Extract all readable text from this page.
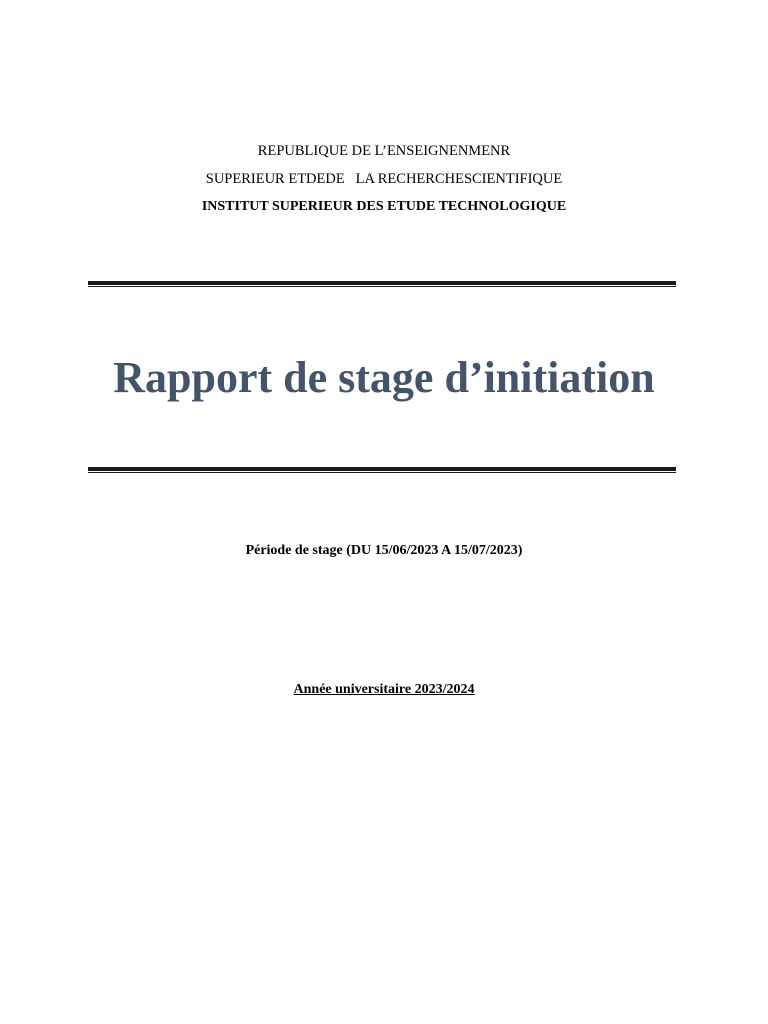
REPUBLIQUE DE L’ENSEIGNENMENR
SUPERIEUR ETDEDE   LA RECHERCHESCIENTIFIQUE
INSTITUT SUPERIEUR DES ETUDE TECHNOLOGIQUE
Rapport de stage d’initiation
Période de stage (DU 15/06/2023 A 15/07/2023)
Année universitaire 2023/2024
